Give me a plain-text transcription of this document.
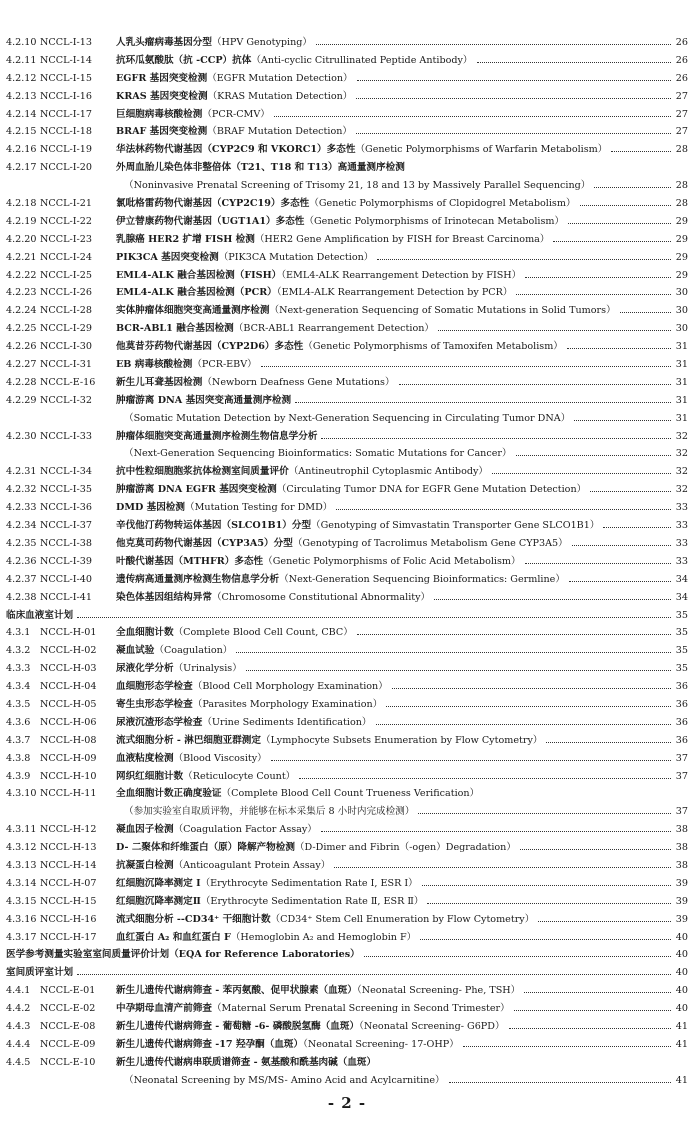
4.2.10 NCCL-I-13	人乳头瘤病毒基因分型（HPV Genotyping）	26
4.2.11 NCCL-I-14	抗环瓜氨酸肽（抗 -CCP）抗体（Anti-cyclic Citrullinated Peptide Antibody）	26
4.2.12 NCCL-I-15	EGFR 基因突变检测（EGFR Mutation Detection）	26
4.2.13 NCCL-I-16	KRAS 基因突变检测（KRAS Mutation Detection）	27
4.2.14 NCCL-I-17	巨细胞病毒核酸检测（PCR-CMV）	27
4.2.15 NCCL-I-18	BRAF 基因突变检测（BRAF Mutation Detection）	27
4.2.16 NCCL-I-19	华法林药物代谢基因（CYP2C9 和 VKORC1）多态性（Genetic Polymorphisms of Warfarin Metabolism）	28
4.2.17 NCCL-I-20	外周血胎儿染色体非整倍体（T21、T18 和 T13）高通量测序检测
（Noninvasive Prenatal Screening of Trisomy 21, 18 and 13 by Massively Parallel Sequencing）	28
4.2.18 NCCL-I-21	氯吡格雷药物代谢基因（CYP2C19）多态性（Genetic Polymorphisms of Clopidogrel Metabolism）	28
4.2.19 NCCL-I-22	伊立替康药物代谢基因（UGT1A1）多态性（Genetic Polymorphisms of Irinotecan Metabolism）	29
4.2.20 NCCL-I-23	乳腺癌 HER2 扩增 FISH 检测（HER2 Gene Amplification by FISH for Breast Carcinoma）	29
4.2.21 NCCL-I-24	PIK3CA 基因突变检测（PIK3CA Mutation Detection）	29
4.2.22 NCCL-I-25	EML4-ALK 融合基因检测（FISH）（EML4-ALK Rearrangement Detection by FISH）	29
4.2.23 NCCL-I-26	EML4-ALK 融合基因检测（PCR）（EML4-ALK Rearrangement Detection by PCR）	30
4.2.24 NCCL-I-28	实体肿瘤体细胞突变高通量测序检测（Next-generation Sequencing of Somatic Mutations in Solid Tumors）	30
4.2.25 NCCL-I-29	BCR-ABL1 融合基因检测（BCR-ABL1 Rearrangement Detection）	30
4.2.26 NCCL-I-30	他莫昔芬药物代谢基因（CYP2D6）多态性（Genetic Polymorphisms of Tamoxifen Metabolism）	31
4.2.27 NCCL-I-31	EB 病毒核酸检测（PCR-EBV）	31
4.2.28 NCCL-E-16	新生儿耳聋基因检测（Newborn Deafness Gene Mutations）	31
4.2.29 NCCL-I-32	肿瘤游离 DNA 基因突变高通量测序检测	31
（Somatic Mutation Detection by Next-Generation Sequencing in Circulating Tumor DNA）	31
4.2.30 NCCL-I-33	肿瘤体细胞突变高通量测序检测生物信息学分析	32
（Next-Generation Sequencing Bioinformatics: Somatic Mutations for Cancer）	32
4.2.31 NCCL-I-34	抗中性粒细胞胞浆抗体检测室间质量评价（Antineutrophil Cytoplasmic Antibody）	32
4.2.32 NCCL-I-35	肿瘤游离 DNA EGFR 基因突变检测（Circulating Tumor DNA for EGFR Gene Mutation Detection）	32
4.2.33 NCCL-I-36	DMD 基因检测（Mutation Testing for DMD）	33
4.2.34 NCCL-I-37	辛伐他汀药物转运体基因（SLCO1B1）分型（Genotyping of Simvastatin Transporter Gene SLCO1B1）	33
4.2.35 NCCL-I-38	他克莫司药物代谢基因（CYP3A5）分型（Genotyping of Tacrolimus Metabolism Gene CYP3A5）	33
4.2.36 NCCL-I-39	叶酸代谢基因（MTHFR）多态性（Genetic Polymorphisms of Folic Acid Metabolism）	33
4.2.37 NCCL-I-40	遗传病高通量测序检测生物信息学分析（Next-Generation Sequencing Bioinformatics: Germline）	34
4.2.38 NCCL-I-41	染色体基因组结构异常（Chromosome Constitutional Abnormality）	34
临床血液室计划	35
4.3.1 NCCL-H-01	全血细胞计数（Complete Blood Cell Count, CBC）	35
4.3.2 NCCL-H-02	凝血试验（Coagulation）	35
4.3.3 NCCL-H-03	尿液化学分析（Urinalysis）	35
4.3.4 NCCL-H-04	血细胞形态学检查（Blood Cell Morphology Examination）	36
4.3.5 NCCL-H-05	寄生虫形态学检查（Parasites Morphology Examination）	36
4.3.6 NCCL-H-06	尿液沉渣形态学检查（Urine Sediments Identification）	36
4.3.7 NCCL-H-08	流式细胞分析 - 淋巴细胞亚群测定（Lymphocyte Subsets Enumeration by Flow Cytometry）	36
4.3.8 NCCL-H-09	血液粘度检测（Blood Viscosity）	37
4.3.9 NCCL-H-10	网织红细胞计数（Reticulocyte Count）	37
4.3.10 NCCL-H-11	全血细胞计数正确度验证（Complete Blood Cell Count Trueness Verification）
（参加实验室自取质评物，并能够在标本采集后 8 小时内完成检测）	37
4.3.11 NCCL-H-12	凝血因子检测（Coagulation Factor Assay）	38
4.3.12 NCCL-H-13	D- 二聚体和纤维蛋白（原）降解产物检测（D-Dimer and Fibrin（-ogen）Degradation）	38
4.3.13 NCCL-H-14	抗凝蛋白检测（Anticoagulant Protein Assay）	38
4.3.14 NCCL-H-07	红细胞沉降率测定 Ⅰ（Erythrocyte Sedimentation Rate Ⅰ, ESR Ⅰ）	39
4.3.15 NCCL-H-15	红细胞沉降率测定Ⅱ（Erythrocyte Sedimentation Rate Ⅱ, ESR Ⅱ）	39
4.3.16 NCCL-H-16	流式细胞分析 --CD34⁺ 干细胞计数（CD34⁺ Stem Cell Enumeration by Flow Cytometry）	39
4.3.17 NCCL-H-17	血红蛋白 A₂ 和血红蛋白 F（Hemoglobin A₂ and Hemoglobin F）	40
医学参考测量实验室室间质量评价计划（EQA for Reference Laboratories）	40
室间质评室计划	40
4.4.1 NCCL-E-01	新生儿遗传代谢病筛查 - 苯丙氨酸、促甲状腺素（血斑）（Neonatal Screening- Phe, TSH）	40
4.4.2 NCCL-E-02	中孕期母血清产前筛查（Maternal Serum Prenatal Screening in Second Trimester）	40
4.4.3 NCCL-E-08	新生儿遗传代谢病筛查 - 葡萄糖 -6- 磷酸脱氢酶（血斑）（Neonatal Screening- G6PD）	41
4.4.4 NCCL-E-09	新生儿遗传代谢病筛查 -17 羟孕酮（血斑）（Neonatal Screening- 17-OHP）	41
4.4.5 NCCL-E-10	新生儿遗传代谢病串联质谱筛查 - 氨基酸和酰基肉碱（血斑）
（Neonatal Screening by MS/MS- Amino Acid and Acylcarnitine）	41
- 2 -
